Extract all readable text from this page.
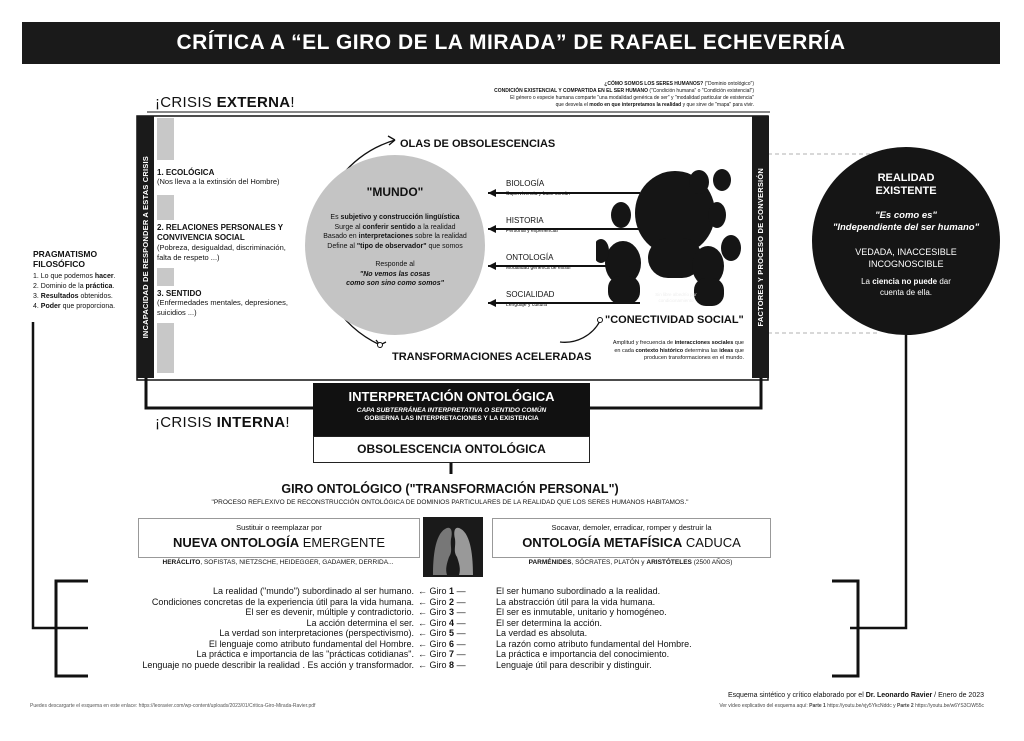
CRÍTICA A “EL GIRO DE LA MIRADA” DE RAFAEL ECHEVERRÍA
¿CÓMO SOMOS LOS SERES HUMANOS? ("Dominio ontológico")
CONDICIÓN EXISTENCIAL Y COMPARTIDA EN EL SER HUMANO ("Condición humana" o "Condición existencial")
El género o especie humana comparte "una modalidad genérica de ser" y "modalidad particular de existencia"
que desvela el modo en que interpretamos la realidad y que sirve de "mapa" para vivir.
¡CRISIS EXTERNA!
INCAPACIDAD DE RESPONDER A ESTAS CRISIS	FACTORES Y PROCESO DE CONVERSIÓN
1. ECOLÓGICA
(Nos lleva a la extinsión del Hombre)
2. RELACIONES PERSONALES Y CONVIVENCIA SOCIAL
(Pobreza, desigualdad, discriminación, falta de respeto ...)
3. SENTIDO
(Enfermedades mentales, depresiones, suicidios ...)
PRAGMATISMO FILOSÓFICO
1. Lo que podemos hacer.
2. Dominio de la práctica.
3. Resultados obtenidos.
4. Poder que proporciona.
OLAS DE OBSOLESCENCIAS
TRANSFORMACIONES ACELERADAS
"MUNDO"
Es subjetivo y construcción lingüística
Surge al conferir sentido a la realidad
Basado en interpretaciones sobre la realidad
Define al "tipo de observador" que somos
Responde al
"No vemos las cosas
como son sino como somos"
BIOLOGÍA
Supervivencia y base común
HISTORIA
Personal y experiencial
ONTOLOGÍA
Modalidad genérica de existir
SOCIALIDAD
Lenguaje y cultura
Sin libre albedrío por condicionamiento
"CONECTIVIDAD SOCIAL"
Amplitud y frecuencia de interacciones sociales que en cada contexto histórico determina las ideas que producen transformaciones en el mundo.
REALIDAD
EXISTENTE
"Es como es"
"Independiente del ser humano"
VEDADA, INACCESIBLE
INCOGNOSCIBLE
La ciencia no puede dar
cuenta de ella.
INTERPRETACIÓN ONTOLÓGICA
CAPA SUBTERRÁNEA INTERPRETATIVA O SENTIDO COMÚN
GOBIERNA LAS INTERPRETACIONES Y LA EXISTENCIA
OBSOLESCENCIA ONTOLÓGICA
¡CRISIS INTERNA!
GIRO ONTOLÓGICO ("TRANSFORMACIÓN PERSONAL")
"PROCESO REFLEXIVO DE RECONSTRUCCIÓN ONTOLÓGICA DE DOMINIOS PARTICULARES DE LA REALIDAD QUE LOS SERES HUMANOS HABITAMOS."
Sustituir o reemplazar por
NUEVA ONTOLOGÍA EMERGENTE
HERÁCLITO, SOFISTAS, NIETZSCHE, HEIDEGGER, GADAMER, DERRIDA...
Socavar, demoler, erradicar, romper y destruir la
ONTOLOGÍA METAFÍSICA CADUCA
PARMÉNIDES, SÓCRATES, PLATÓN y ARISTÓTELES (2500 AÑOS)
La realidad ("mundo") subordinado al ser humano.
Condiciones concretas de la experiencia útil para la vida humana.
El ser es devenir, múltiple y contradictorio.
La acción determina el ser.
La verdad son interpretaciones (perspectivismo).
El lenguaje como atributo fundamental del Hombre.
La práctica e importancia de las "prácticas cotidianas".
Lenguaje no puede describir la realidad . Es acción y transformador.
← Giro 1 —
← Giro 2 —
← Giro 3 —
← Giro 4 —
← Giro 5 —
← Giro 6 —
← Giro 7 —
← Giro 8 —
El ser humano subordinado a la realidad.
La abstracción útil para la vida humana.
El ser es inmutable, unitario y homogéneo.
El ser determina la acción.
La verdad es absoluta.
La razón como atributo fundamental del Hombre.
La práctica e importancia del conocimiento.
Lenguaje útil para describir y distinguir.
Puedes descargarte el esquema en este enlace: https://leoravier.com/wp-content/uploads/2023/01/Critica-Giro-Mirada-Ravier.pdf
Esquema sintético y crítico elaborado por el Dr. Leonardo Ravier / Enero de 2023
Ver vídeo explicativo del esquema aquí: Parte 1 https://youtu.be/vjy5YkcNddc y Parte 2 https://youtu.be/w6YS3CiW55c
